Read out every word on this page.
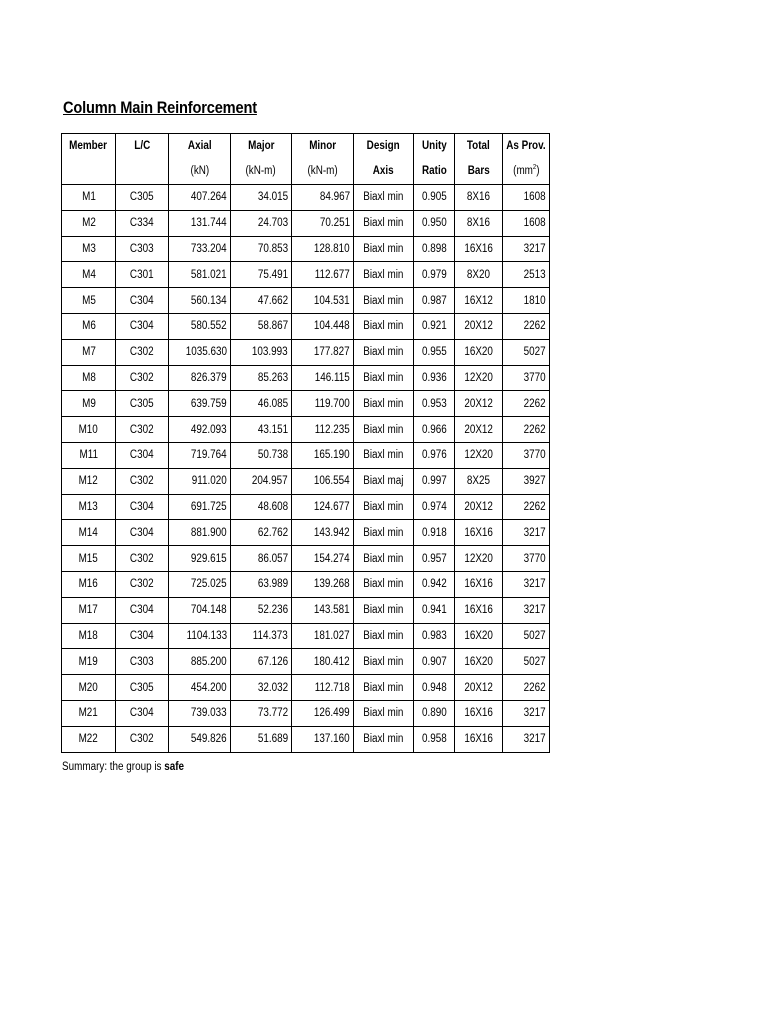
Column Main Reinforcement
Member	L/C	Axial	Major	Minor	Design	Unity	Total	As Prov.
		(kN)	(kN-m)	(kN-m)	Axis	Ratio	Bars	$(mm^2)$
M1	C305	407.264	34.015	84.967	Biaxl min	0.905	8X16	1608
M2	C334	131.744	24.703	70.251	Biaxl min	0.950	8X16	1608
M3	C303	733.204	70.853	128.810	Biaxl min	0.898	16X16	3217
M4	C301	581.021	75.491	112.677	Biaxl min	0.979	8X20	2513
M5	C304	560.134	47.662	104.531	Biaxl min	0.987	16X12	1810
M6	C304	580.552	58.867	104.448	Biaxl min	0.921	20X12	2262
M7	C302	1035.630	103.993	177.827	Biaxl min	0.955	16X20	5027
M8	C302	826.379	85.263	146.115	Biaxl min	0.936	12X20	3770
M9	C305	639.759	46.085	119.700	Biaxl min	0.953	20X12	2262
M10	C302	492.093	43.151	112.235	Biaxl min	0.966	20X12	2262
M11	C304	719.764	50.738	165.190	Biaxl min	0.976	12X20	3770
M12	C302	911.020	204.957	106.554	Biaxl maj	0.997	8X25	3927
M13	C304	691.725	48.608	124.677	Biaxl min	0.974	20X12	2262
M14	C304	881.900	62.762	143.942	Biaxl min	0.918	16X16	3217
M15	C302	929.615	86.057	154.274	Biaxl min	0.957	12X20	3770
M16	C302	725.025	63.989	139.268	Biaxl min	0.942	16X16	3217
M17	C304	704.148	52.236	143.581	Biaxl min	0.941	16X16	3217
M18	C304	1104.133	114.373	181.027	Biaxl min	0.983	16X20	5027
M19	C303	885.200	67.126	180.412	Biaxl min	0.907	16X20	5027
M20	C305	454.200	32.032	112.718	Biaxl min	0.948	20X12	2262
M21	C304	739.033	73.772	126.499	Biaxl min	0.890	16X16	3217
M22	C302	549.826	51.689	137.160	Biaxl min	0.958	16X16	3217
Summary: the group is safe
